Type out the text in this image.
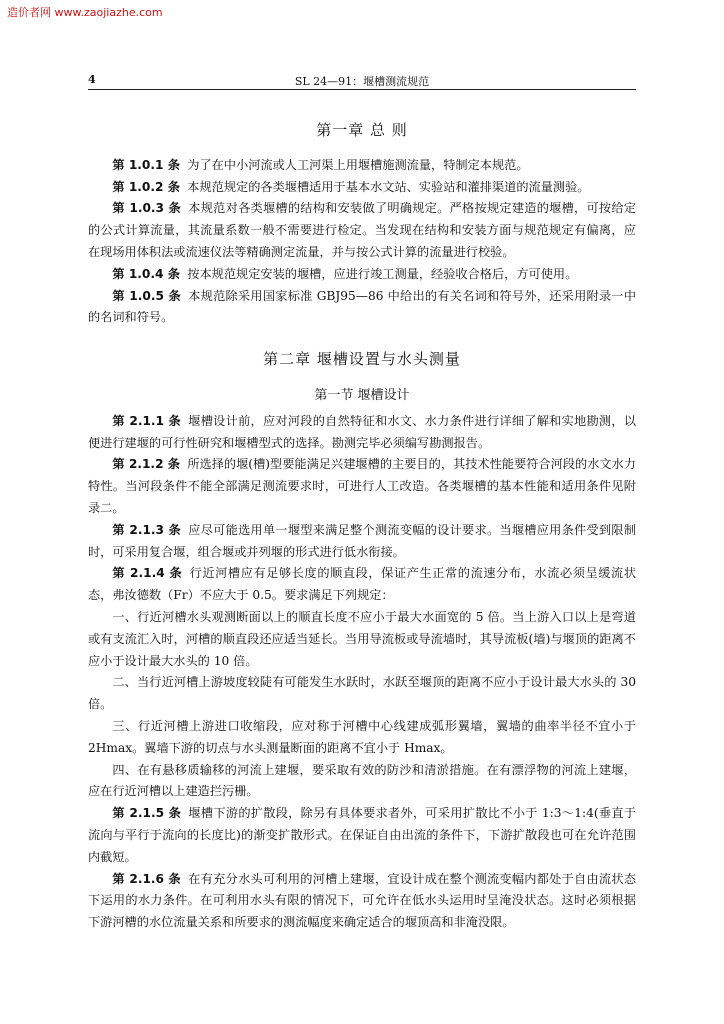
造价者网 www.zaojiazhe.com
4	SL 24—91：堰槽测流规范
第一章 总 则

第 1.0.1 条 为了在中小河流或人工河渠上用堰槽施测流量，特制定本规范。

第 1.0.2 条 本规范规定的各类堰槽适用于基本水文站、实验站和灌排渠道的流量测验。

第 1.0.3 条 本规范对各类堰槽的结构和安装做了明确规定。严格按规定建造的堰槽，可按给定的公式计算流量，其流量系数一般不需要进行检定。当发现在结构和安装方面与规范规定有偏离，应在现场用体积法或流速仪法等精确测定流量，并与按公式计算的流量进行校验。

第 1.0.4 条 按本规范规定安装的堰槽，应进行竣工测量，经验收合格后，方可使用。

第 1.0.5 条 本规范除采用国家标准 GBJ95—86 中给出的有关名词和符号外，还采用附录一中的名词和符号。

第二章 堰槽设置与水头测量
第一节 堰槽设计

第 2.1.1 条 堰槽设计前，应对河段的自然特征和水文、水力条件进行详细了解和实地勘测，以便进行建堰的可行性研究和堰槽型式的选择。勘测完毕必须编写勘测报告。

第 2.1.2 条 所选择的堰(槽)型要能满足兴建堰槽的主要目的，其技术性能要符合河段的水文水力特性。当河段条件不能全部满足测流要求时，可进行人工改造。各类堰槽的基本性能和适用条件见附录二。

第 2.1.3 条 应尽可能选用单一堰型来满足整个测流变幅的设计要求。当堰槽应用条件受到限制时，可采用复合堰，组合堰或并列堰的形式进行低水衔接。

第 2.1.4 条 行近河槽应有足够长度的顺直段，保证产生正常的流速分布，水流必须呈缓流状态，弗汝德数（Fr）不应大于 0.5。要求满足下列规定：

一、行近河槽水头观测断面以上的顺直长度不应小于最大水面宽的 5 倍。当上游入口以上是弯道或有支流汇入时，河槽的顺直段还应适当延长。当用导流板或导流墙时，其导流板(墙)与堰顶的距离不应小于设计最大水头的 10 倍。

二、当行近河槽上游坡度较陡有可能发生水跃时，水跃至堰顶的距离不应小于设计最大水头的 30 倍。

三、行近河槽上游进口收缩段，应对称于河槽中心线建成弧形翼墙，翼墙的曲率半径不宜小于 2Hmax。翼墙下游的切点与水头测量断面的距离不宜小于 Hmax。

四、在有悬移质输移的河流上建堰，要采取有效的防沙和清淤措施。在有漂浮物的河流上建堰，应在行近河槽以上建造拦污栅。

第 2.1.5 条 堰槽下游的扩散段，除另有具体要求者外，可采用扩散比不小于 1:3～1:4(垂直于流向与平行于流向的长度比)的渐变扩散形式。在保证自由出流的条件下，下游扩散段也可在允许范围内截短。

第 2.1.6 条 在有充分水头可利用的河槽上建堰，宜设计成在整个测流变幅内都处于自由流状态下运用的水力条件。在可利用水头有限的情况下，可允许在低水头运用时呈淹没状态。这时必须根据下游河槽的水位流量关系和所要求的测流幅度来确定适合的堰顶高和非淹没限。
